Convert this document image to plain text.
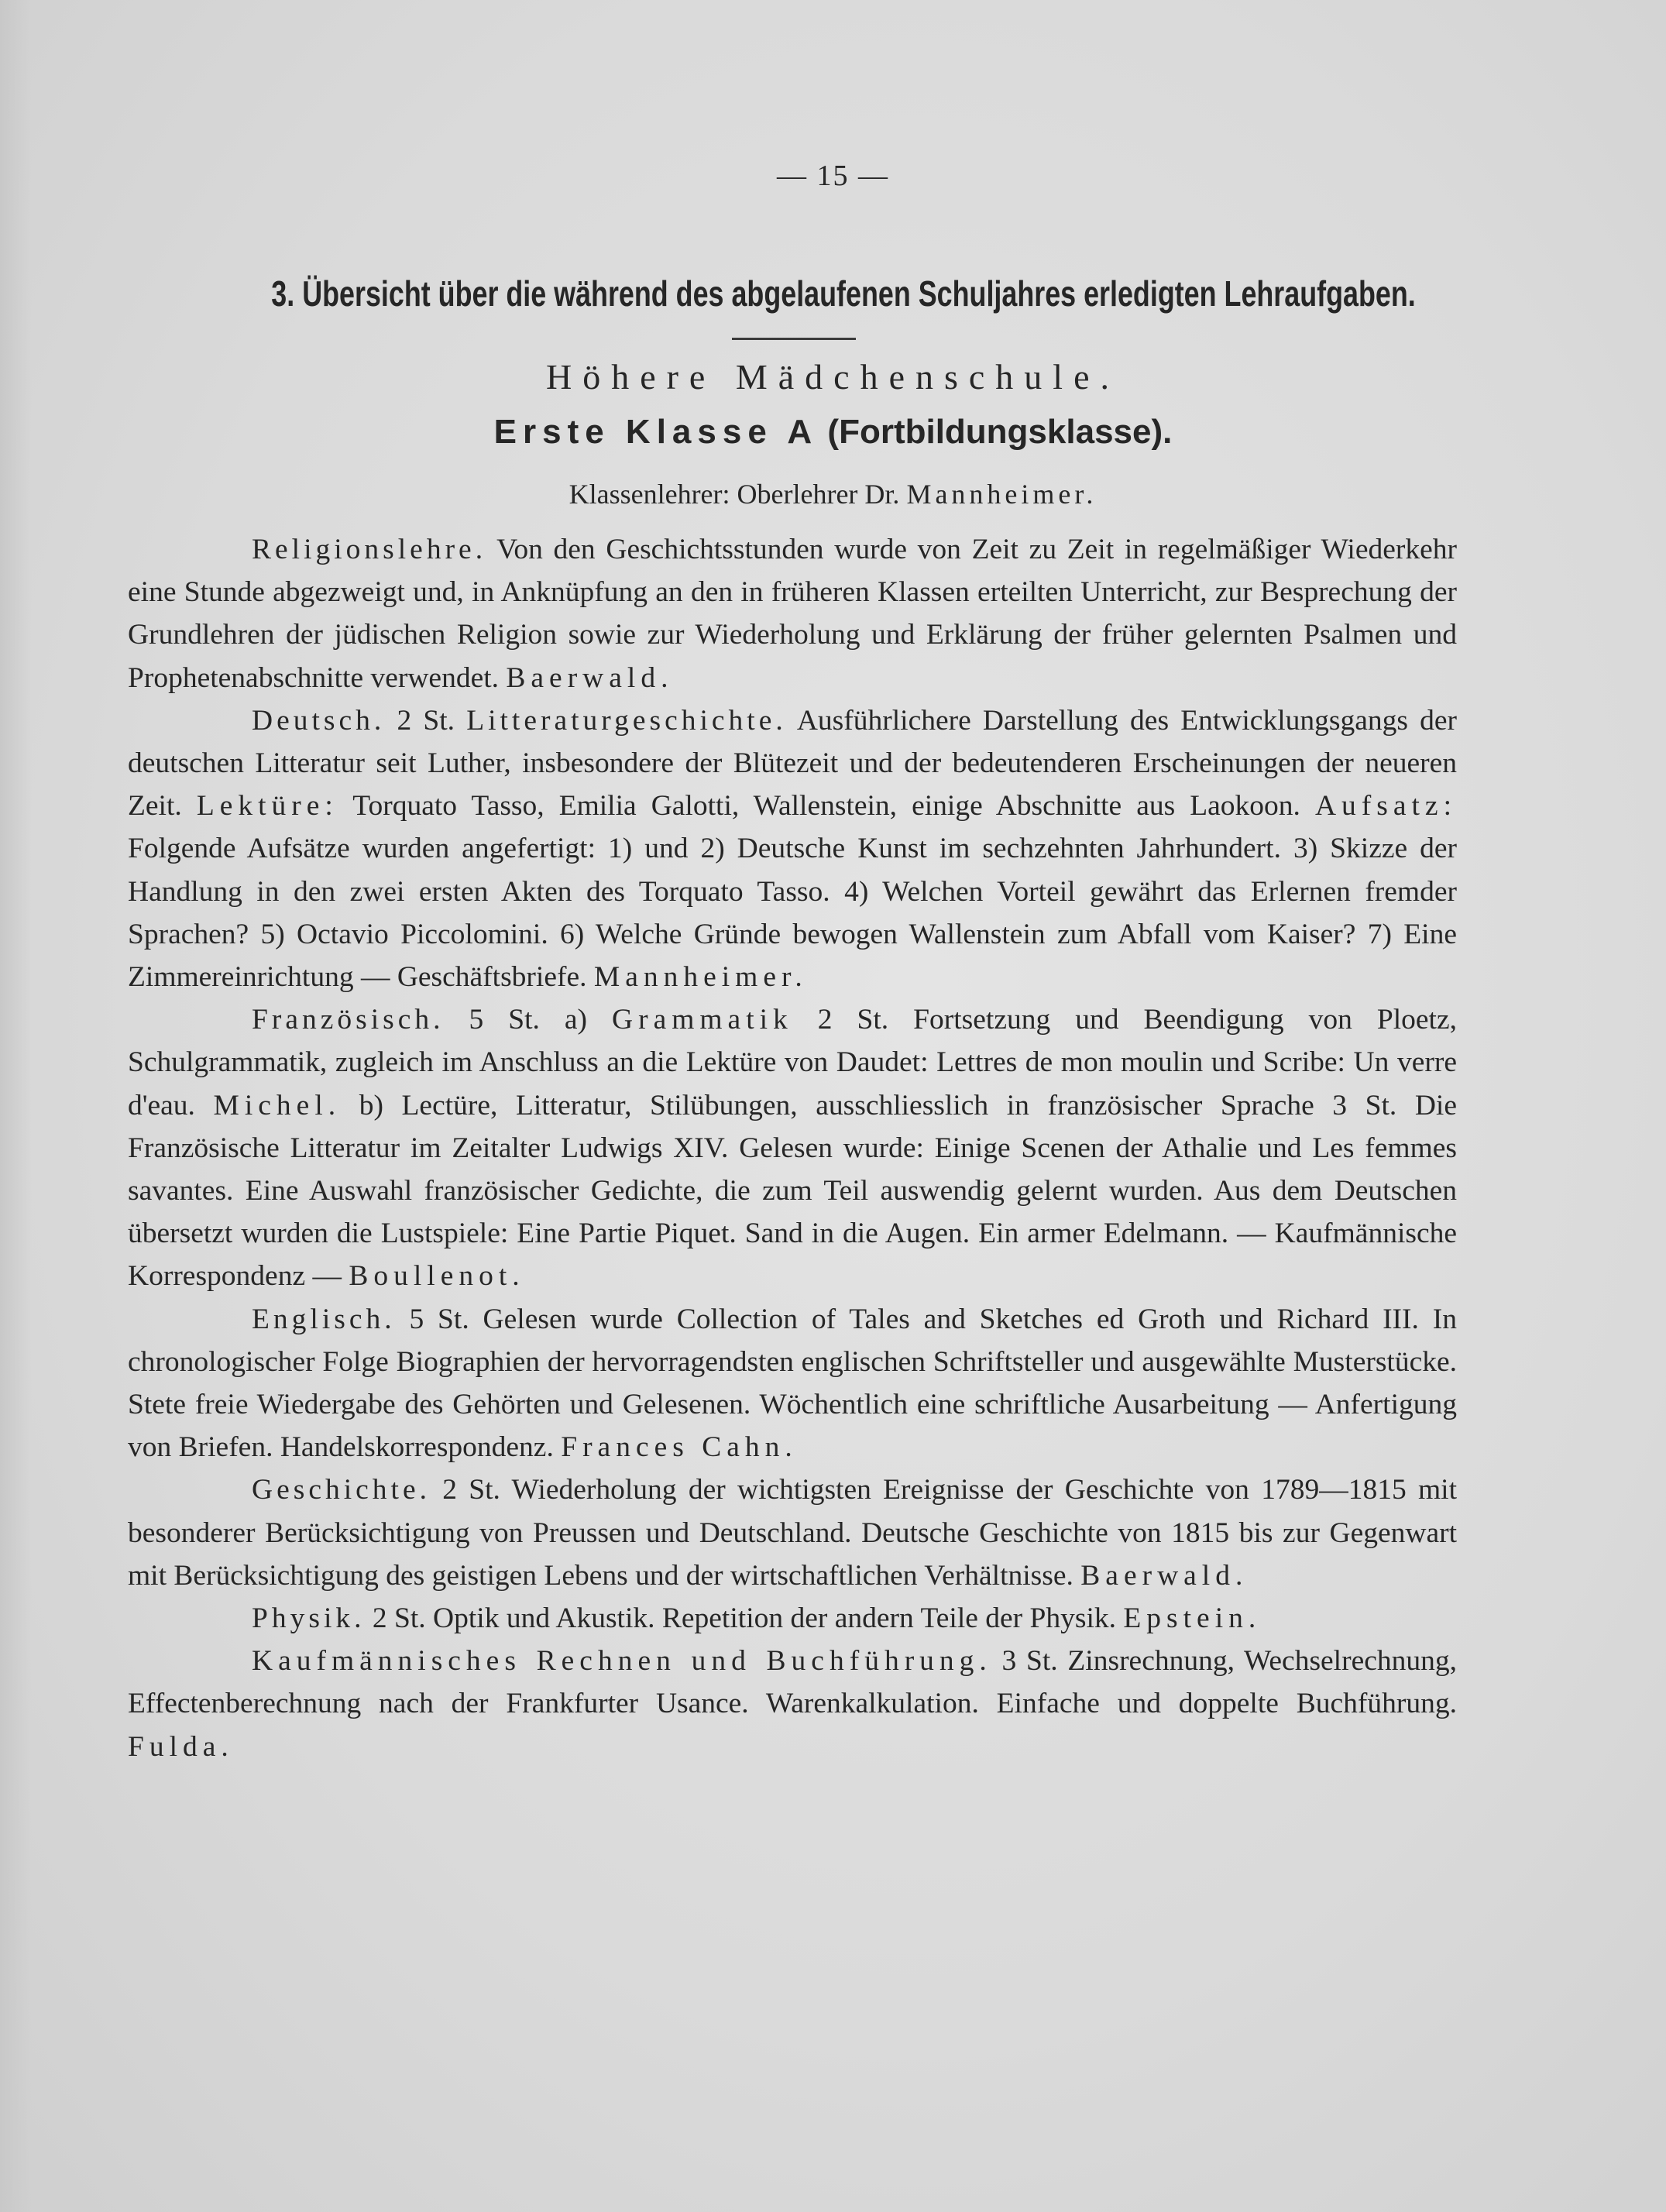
— 15 —
3. Übersicht über die während des abgelaufenen Schuljahres erledigten Lehraufgaben.
Höhere Mädchenschule.
Erste Klasse A (Fortbildungsklasse).
Klassenlehrer: Oberlehrer Dr. Mannheimer.

Religionslehre. Von den Geschichtsstunden wurde von Zeit zu Zeit in regelmäßiger Wiederkehr eine Stunde abgezweigt und, in Anknüpfung an den in früheren Klassen erteilten Unterricht, zur Besprechung der Grundlehren der jüdischen Religion sowie zur Wiederholung und Erklärung der früher gelernten Psalmen und Prophetenabschnitte verwendet. Baerwald.

Deutsch. 2 St. Litteraturgeschichte. Ausführlichere Darstellung des Entwicklungsgangs der deutschen Litteratur seit Luther, insbesondere der Blütezeit und der bedeutenderen Erscheinungen der neueren Zeit. Lektüre: Torquato Tasso, Emilia Galotti, Wallenstein, einige Abschnitte aus Laokoon. Aufsatz: Folgende Aufsätze wurden angefertigt: 1) und 2) Deutsche Kunst im sechzehnten Jahrhundert. 3) Skizze der Handlung in den zwei ersten Akten des Torquato Tasso. 4) Welchen Vorteil gewährt das Erlernen fremder Sprachen? 5) Octavio Piccolomini. 6) Welche Gründe bewogen Wallenstein zum Abfall vom Kaiser? 7) Eine Zimmereinrichtung — Geschäftsbriefe. Mannheimer.

Französisch. 5 St. a) Grammatik 2 St. Fortsetzung und Beendigung von Ploetz, Schulgrammatik, zugleich im Anschluss an die Lektüre von Daudet: Lettres de mon moulin und Scribe: Un verre d'eau. Michel. b) Lectüre, Litteratur, Stilübungen, ausschliesslich in französischer Sprache 3 St. Die Französische Litteratur im Zeitalter Ludwigs XIV. Gelesen wurde: Einige Scenen der Athalie und Les femmes savantes. Eine Auswahl französischer Gedichte, die zum Teil auswendig gelernt wurden. Aus dem Deutschen übersetzt wurden die Lustspiele: Eine Partie Piquet. Sand in die Augen. Ein armer Edelmann. — Kaufmännische Korrespondenz — Boullenot.

Englisch. 5 St. Gelesen wurde Collection of Tales and Sketches ed Groth und Richard III. In chronologischer Folge Biographien der hervorragendsten englischen Schriftsteller und ausgewählte Musterstücke. Stete freie Wiedergabe des Gehörten und Gelesenen. Wöchentlich eine schriftliche Ausarbeitung — Anfertigung von Briefen. Handelskorrespondenz. Frances Cahn.

Geschichte. 2 St. Wiederholung der wichtigsten Ereignisse der Geschichte von 1789—1815 mit besonderer Berücksichtigung von Preussen und Deutschland. Deutsche Geschichte von 1815 bis zur Gegenwart mit Berücksichtigung des geistigen Lebens und der wirtschaftlichen Verhältnisse. Baerwald.

Physik. 2 St. Optik und Akustik. Repetition der andern Teile der Physik. Epstein.

Kaufmännisches Rechnen und Buchführung. 3 St. Zinsrechnung, Wechselrechnung, Effectenberechnung nach der Frankfurter Usance. Warenkalkulation. Einfache und doppelte Buchführung. Fulda.
